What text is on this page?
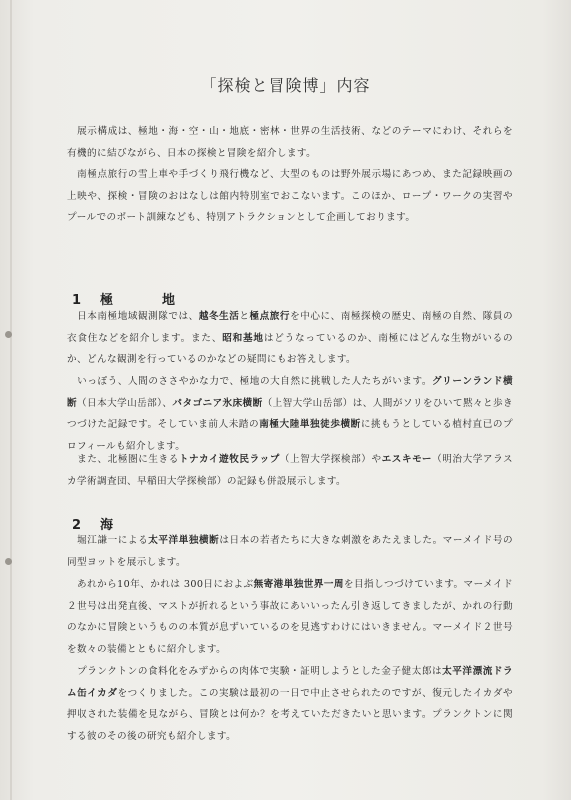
「探検と冒険博」内容
　展示構成は、極地・海・空・山・地底・密林・世界の生活技術、などのテーマにわけ、それらを有機的に結びながら、日本の探検と冒険を紹介します。
　南極点旅行の雪上車や手づくり飛行機など、大型のものは野外展示場にあつめ、また記録映画の上映や、探検・冒険のおはなしは館内特別室でおこないます。このほか、ロープ・ワークの実習やプールでのボート訓練なども、特別アトラクションとして企画しております。
1 極　地
　日本南極地域観測隊では、越冬生活と極点旅行を中心に、南極探検の歴史、南極の自然、隊員の衣食住などを紹介します。また、昭和基地はどうなっているのか、南極にはどんな生物がいるのか、どんな観測を行っているのかなどの疑問にもお答えします。
　いっぽう、人間のささやかな力で、極地の大自然に挑戦した人たちがいます。グリーンランド横断（日本大学山岳部）、パタゴニア氷床横断（上智大学山岳部）は、人間がソリをひいて黙々と歩きつづけた記録です。そしていま前人未踏の南極大陸単独徒歩横断に挑もうとしている植村直已のプロフィールも紹介します。
　また、北極圏に生きるトナカイ遊牧民ラップ（上智大学探検部）やエスキモー（明治大学アラスカ学術調査団、早稲田大学探検部）の記録も併設展示します。
2 海
　堀江謙一による太平洋単独横断は日本の若者たちに大きな刺激をあたえました。マーメイド号の同型ヨットを展示します。
　あれから10年、かれは 300日におよぶ無寄港単独世界一周を目指しつづけています。マーメイド２世号は出発直後、マストが折れるという事故にあいいったん引き返してきましたが、かれの行動のなかに冒険というものの本質が息ずいているのを見逃すわけにはいきません。マーメイド２世号を数々の装備とともに紹介します。
　プランクトンの食料化をみずからの肉体で実験・証明しようとした金子健太郎は太平洋漂流ドラム缶イカダをつくりました。この実験は最初の一日で中止させられたのですが、復元したイカダや押収された装備を見ながら、冒険とは何か？を考えていただきたいと思います。プランクトンに関する彼のその後の研究も紹介します。
